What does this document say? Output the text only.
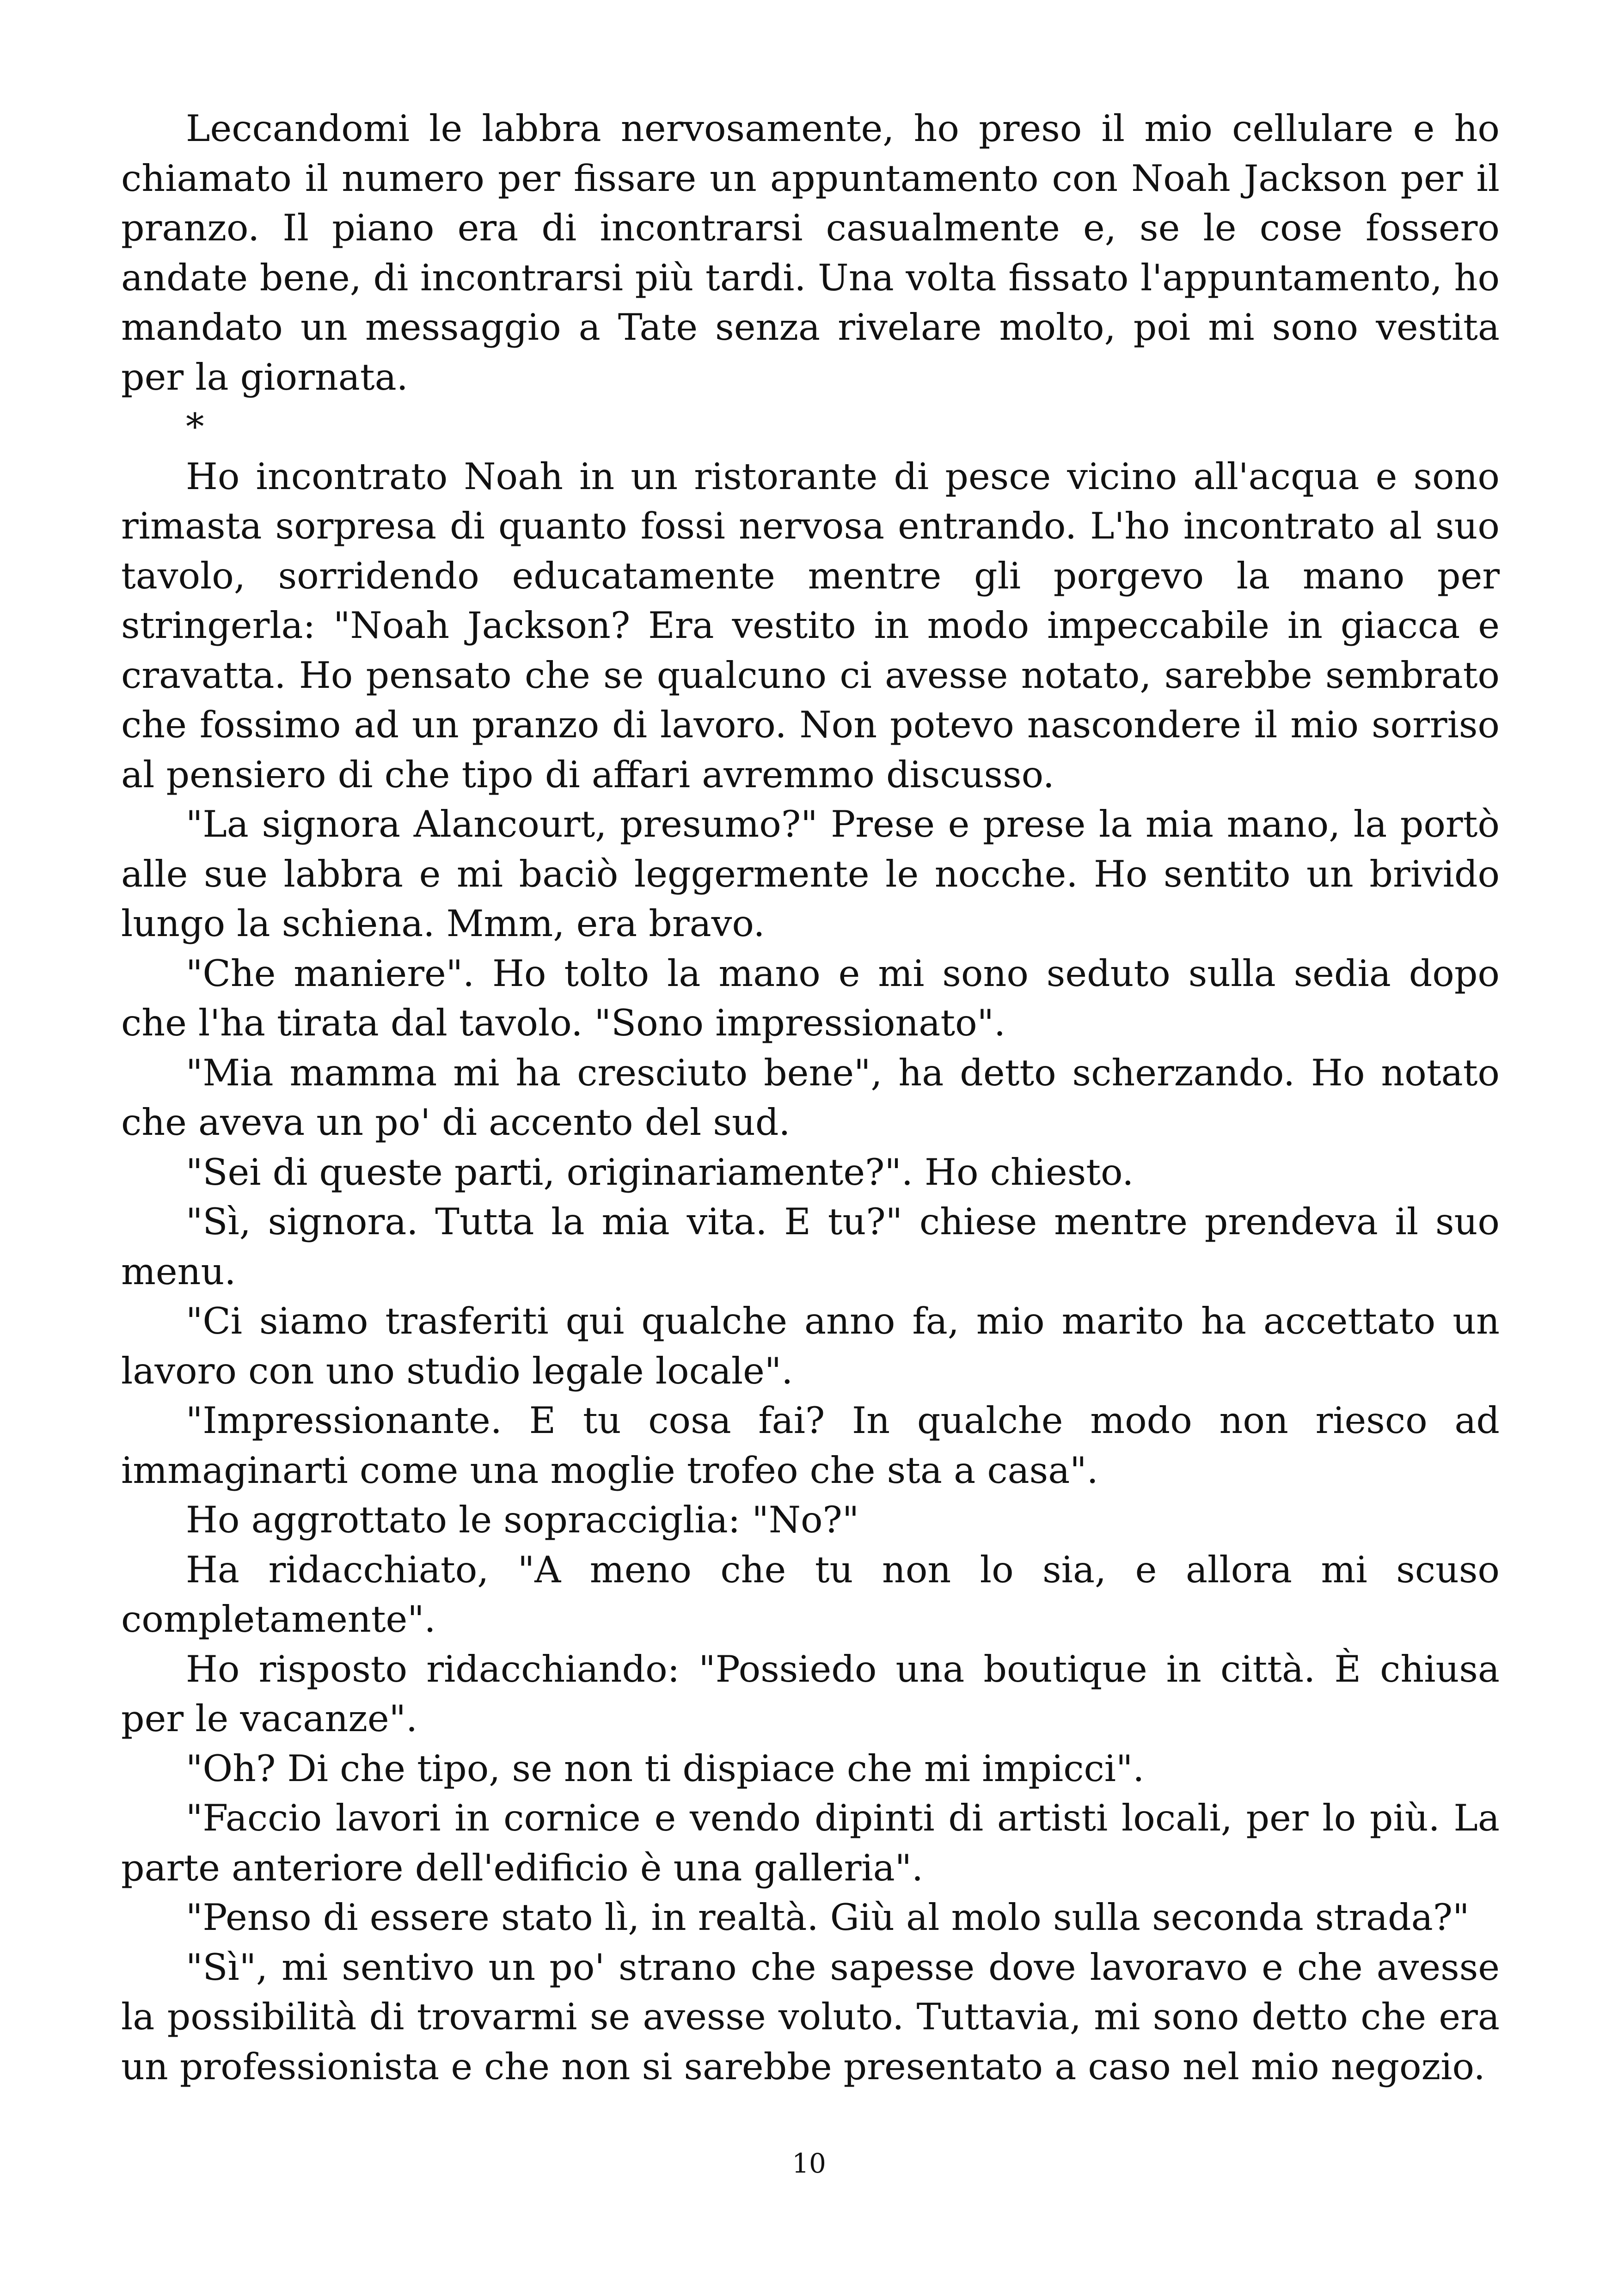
Leccandomi le labbra nervosamente, ho preso il mio cellulare e ho chiamato il numero per fissare un appuntamento con Noah Jackson per il pranzo. Il piano era di incontrarsi casualmente e, se le cose fossero andate bene, di incontrarsi più tardi. Una volta fissato l'appuntamento, ho mandato un messaggio a Tate senza rivelare molto, poi mi sono vestita per la giornata.

*

Ho incontrato Noah in un ristorante di pesce vicino all'acqua e sono rimasta sorpresa di quanto fossi nervosa entrando. L'ho incontrato al suo tavolo, sorridendo educatamente mentre gli porgevo la mano per stringerla: "Noah Jackson? Era vestito in modo impeccabile in giacca e cravatta. Ho pensato che se qualcuno ci avesse notato, sarebbe sembrato che fossimo ad un pranzo di lavoro. Non potevo nascondere il mio sorriso al pensiero di che tipo di affari avremmo discusso.

"La signora Alancourt, presumo?" Prese e prese la mia mano, la portò alle sue labbra e mi baciò leggermente le nocche. Ho sentito un brivido lungo la schiena. Mmm, era bravo.

"Che maniere". Ho tolto la mano e mi sono seduto sulla sedia dopo che l'ha tirata dal tavolo. "Sono impressionato".

"Mia mamma mi ha cresciuto bene", ha detto scherzando. Ho notato che aveva un po' di accento del sud.

"Sei di queste parti, originariamente?". Ho chiesto.

"Sì, signora. Tutta la mia vita. E tu?" chiese mentre prendeva il suo menu.

"Ci siamo trasferiti qui qualche anno fa, mio marito ha accettato un lavoro con uno studio legale locale".

"Impressionante. E tu cosa fai? In qualche modo non riesco ad immaginarti come una moglie trofeo che sta a casa".

Ho aggrottato le sopracciglia: "No?"

Ha ridacchiato, "A meno che tu non lo sia, e allora mi scuso completamente".

Ho risposto ridacchiando: "Possiedo una boutique in città. È chiusa per le vacanze".

"Oh? Di che tipo, se non ti dispiace che mi impicci".

"Faccio lavori in cornice e vendo dipinti di artisti locali, per lo più. La parte anteriore dell'edificio è una galleria".

"Penso di essere stato lì, in realtà. Giù al molo sulla seconda strada?"

"Sì", mi sentivo un po' strano che sapesse dove lavoravo e che avesse la possibilità di trovarmi se avesse voluto. Tuttavia, mi sono detto che era un professionista e che non si sarebbe presentato a caso nel mio negozio.

10
